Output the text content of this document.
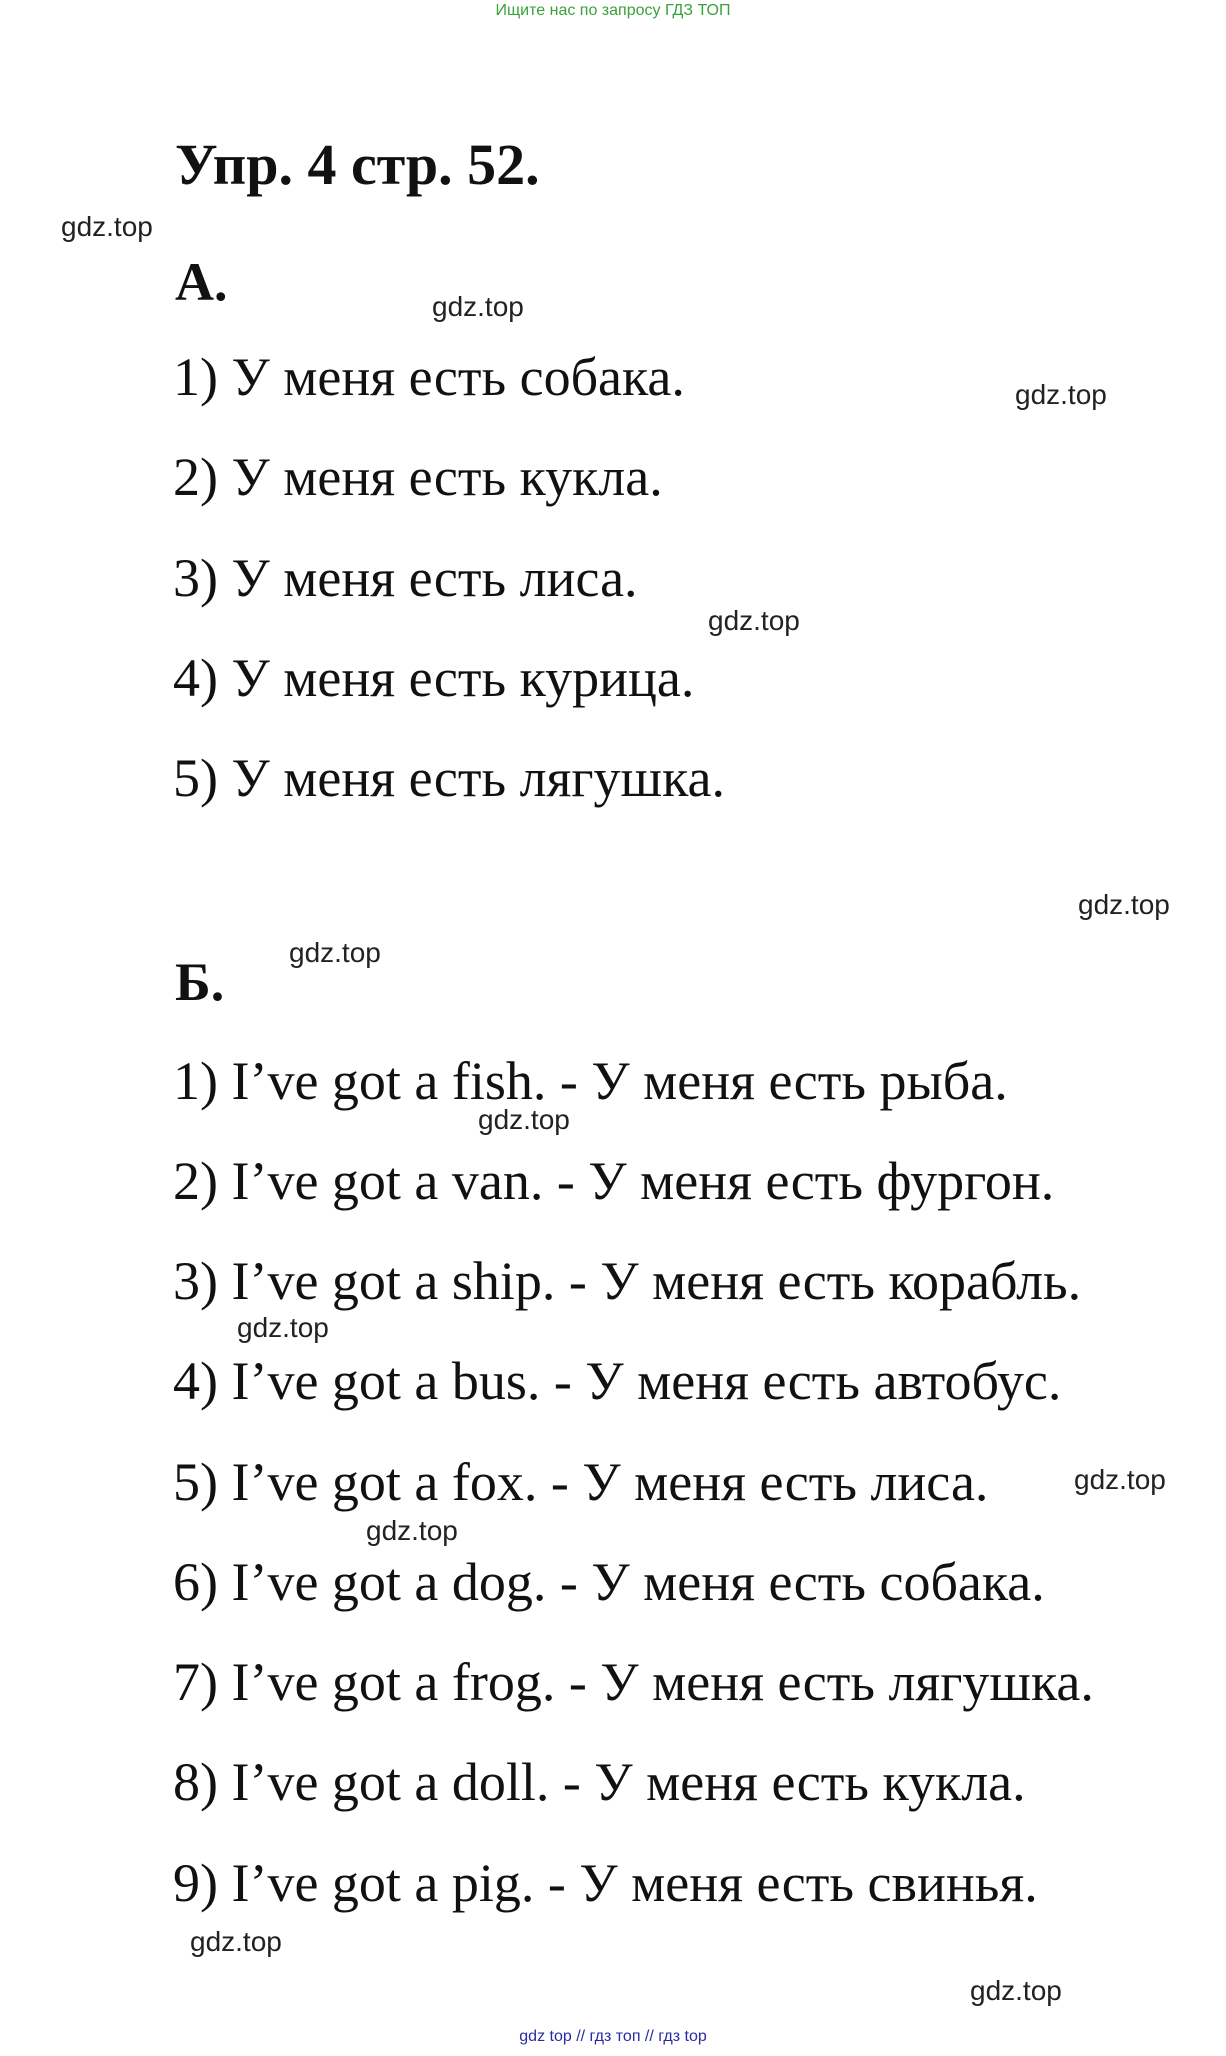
Ищите нас по запросу ГДЗ ТОП
Упр. 4 стр. 52.
А.
1) У меня есть собака.
2) У меня есть кукла.
3) У меня есть лиса.
4) У меня есть курица.
5) У меня есть лягушка.
Б.
1) I’ve got a fish. - У меня есть рыба.
2) I’ve got a van. - У меня есть фургон.
3) I’ve got a ship. - У меня есть корабль.
4) I’ve got a bus. - У меня есть автобус.
5) I’ve got a fox. - У меня есть лиса.
6) I’ve got a dog. - У меня есть собака.
7) I’ve got a frog. - У меня есть лягушка.
8) I’ve got a doll. - У меня есть кукла.
9) I’ve got a pig. - У меня есть свинья.
gdz.top
gdz.top
gdz.top
gdz.top
gdz.top
gdz.top
gdz.top
gdz.top
gdz.top
gdz.top
gdz.top
gdz.top
gdz top // гдз топ // гдз top
